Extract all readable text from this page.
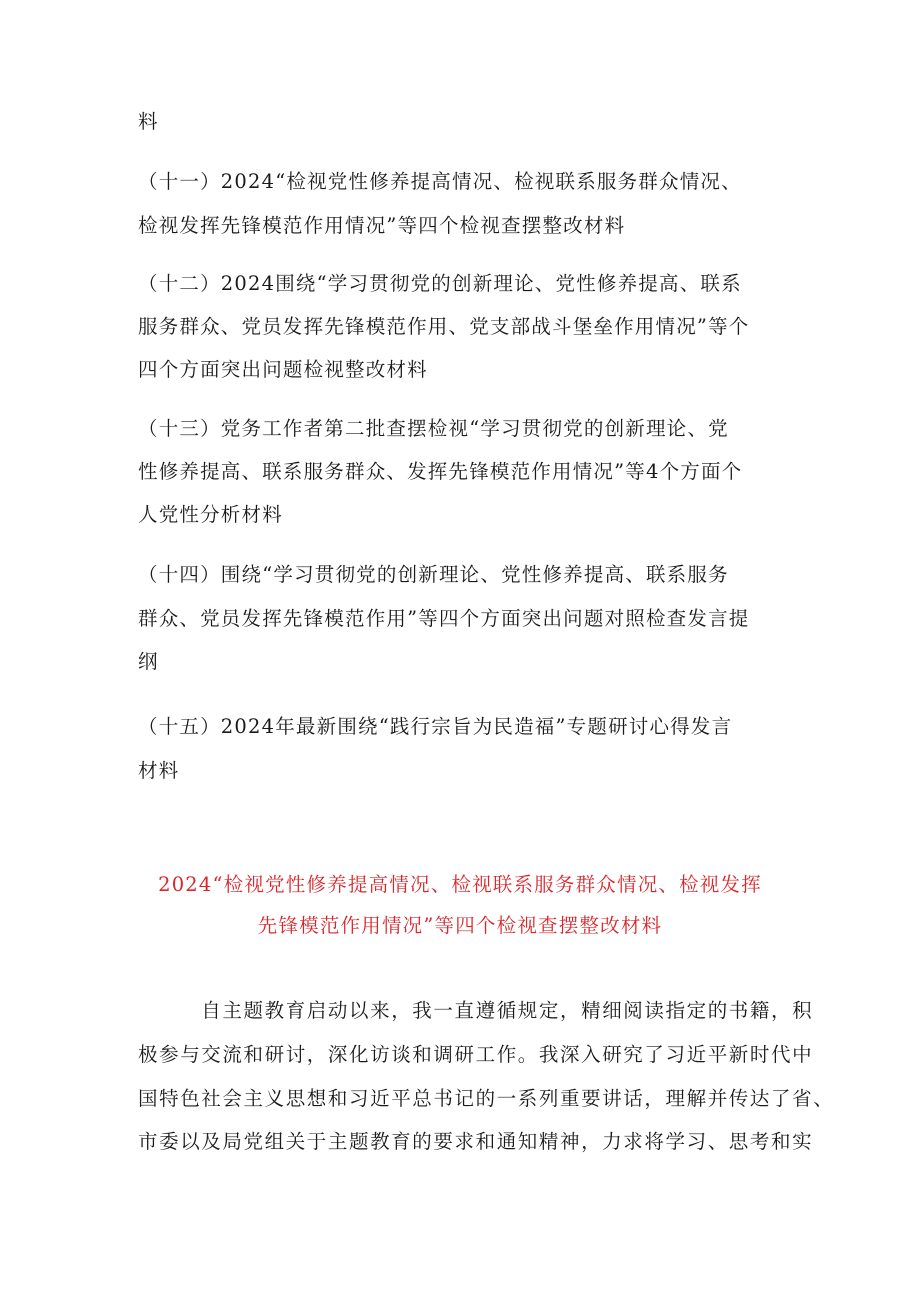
料
（十一）2024“检视党性修养提高情况、检视联系服务群众情况、
检视发挥先锋模范作用情况”等四个检视查摆整改材料
（十二）2024围绕“学习贯彻党的创新理论、党性修养提高、联系
服务群众、党员发挥先锋模范作用、党支部战斗堡垒作用情况”等个
四个方面突出问题检视整改材料
（十三）党务工作者第二批查摆检视“学习贯彻党的创新理论、党
性修养提高、联系服务群众、发挥先锋模范作用情况”等4个方面个
人党性分析材料
（十四）围绕“学习贯彻党的创新理论、党性修养提高、联系服务
群众、党员发挥先锋模范作用”等四个方面突出问题对照检查发言提
纲
（十五）2024年最新围绕“践行宗旨为民造福”专题研讨心得发言
材料
2024“检视党性修养提高情况、检视联系服务群众情况、检视发挥
先锋模范作用情况”等四个检视查摆整改材料
　　　自主题教育启动以来，我一直遵循规定，精细阅读指定的书籍，积
极参与交流和研讨，深化访谈和调研工作。我深入研究了习近平新时代中
国特色社会主义思想和习近平总书记的一系列重要讲话，理解并传达了省、
市委以及局党组关于主题教育的要求和通知精神，力求将学习、思考和实
